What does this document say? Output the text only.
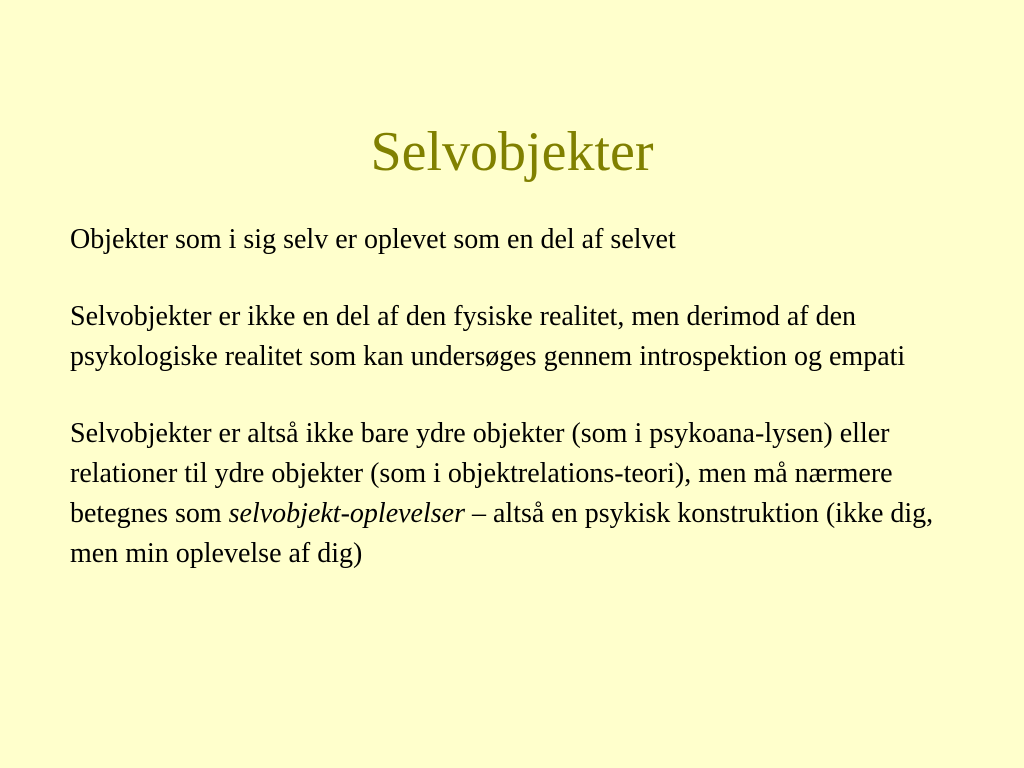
Selvobjekter

Objekter som i sig selv er oplevet som en del af selvet

Selvobjekter er ikke en del af den fysiske realitet, men derimod af den psykologiske realitet som kan undersøges gennem introspektion og empati

Selvobjekter er altså ikke bare ydre objekter (som i psykoana-lysen) eller relationer til ydre objekter (som i objektrelations-teori), men må nærmere betegnes som selvobjekt-oplevelser – altså en psykisk konstruktion (ikke dig, men min oplevelse af dig)
